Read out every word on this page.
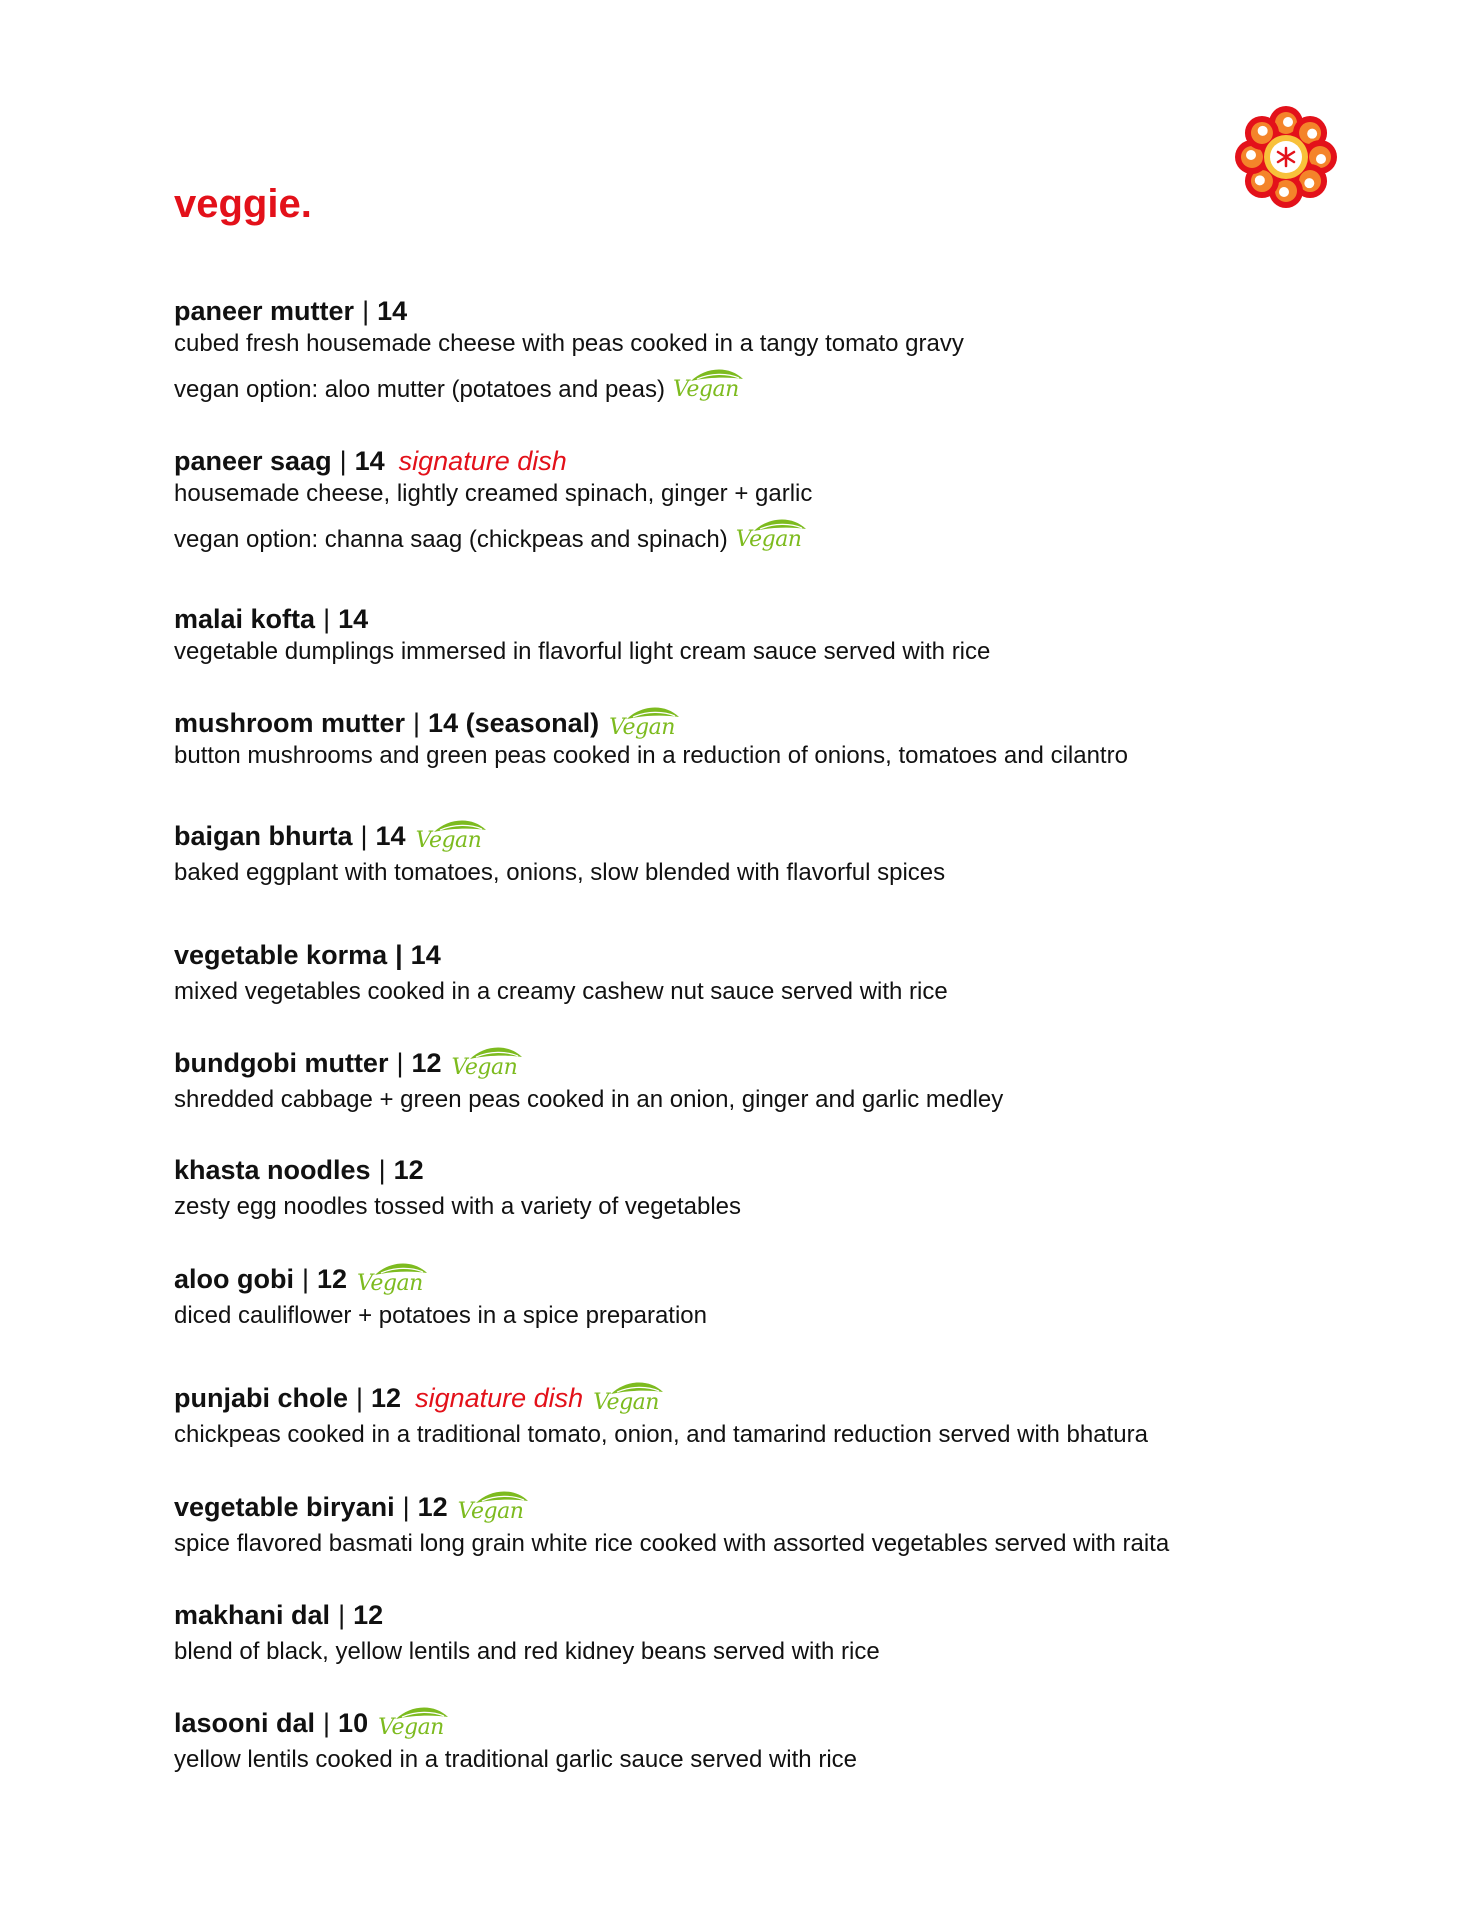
veggie.
paneer mutter | 14
cubed fresh housemade cheese with peas cooked in a tangy tomato gravy
vegan option: aloo mutter (potatoes and peas) Vegan
paneer saag | 14 signature dish
housemade cheese, lightly creamed spinach, ginger + garlic
vegan option: channa saag (chickpeas and spinach) Vegan
malai kofta | 14
vegetable dumplings immersed in flavorful light cream sauce served with rice
mushroom mutter | 14 (seasonal) Vegan
button mushrooms and green peas cooked in a reduction of onions, tomatoes and cilantro
baigan bhurta | 14 Vegan
baked eggplant with tomatoes, onions, slow blended with flavorful spices
vegetable korma | 14
mixed vegetables cooked in a creamy cashew nut sauce served with rice
bundgobi mutter | 12 Vegan
shredded cabbage + green peas cooked in an onion, ginger and garlic medley
khasta noodles | 12
zesty egg noodles tossed with a variety of vegetables
aloo gobi | 12 Vegan
diced cauliflower + potatoes in a spice preparation
punjabi chole | 12 signature dish Vegan
chickpeas cooked in a traditional tomato, onion, and tamarind reduction served with bhatura
vegetable biryani | 12 Vegan
spice flavored basmati long grain white rice cooked with assorted vegetables served with raita
makhani dal | 12
blend of black, yellow lentils and red kidney beans served with rice
lasooni dal | 10 Vegan
yellow lentils cooked in a traditional garlic sauce served with rice
